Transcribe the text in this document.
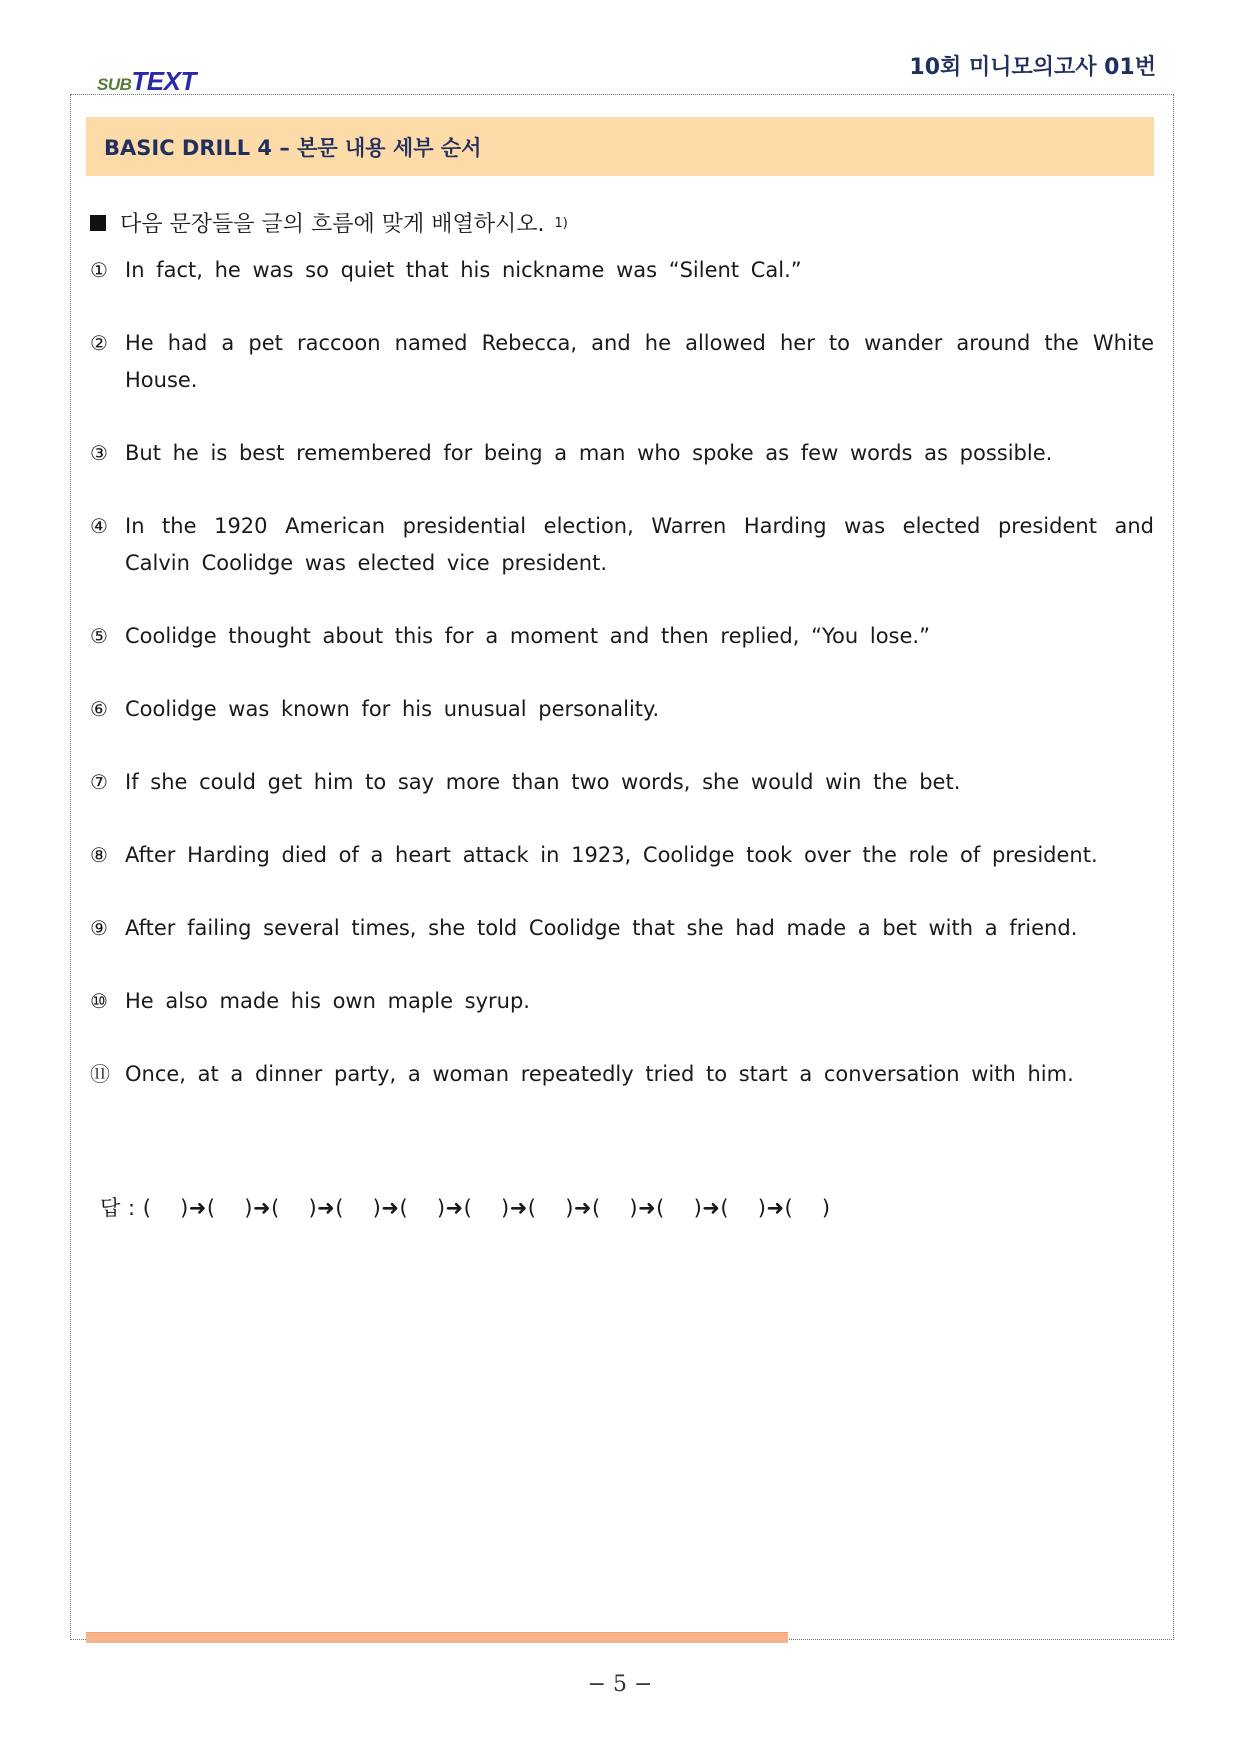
SUBTEXT	10회 미니모의고사 01번
BASIC DRILL 4 – 본문 내용 세부 순서
다음 문장들을 글의 흐름에 맞게 배열하시오. $^{1)}$
① In fact, he was so quiet that his nickname was “Silent Cal.”
② He had a pet raccoon named Rebecca, and he allowed her to wander around the White House.
③ But he is best remembered for being a man who spoke as few words as possible.
④ In the 1920 American presidential election, Warren Harding was elected president and Calvin Coolidge was elected vice president.
⑤ Coolidge thought about this for a moment and then replied, “You lose.”
⑥ Coolidge was known for his unusual personality.
⑦ If she could get him to say more than two words, she would win the bet.
⑧ After Harding died of a heart attack in 1923, Coolidge took over the role of president.
⑨ After failing several times, she told Coolidge that she had made a bet with a friend.
⑩ He also made his own maple syrup.
⑪ Once, at a dinner party, a woman repeatedly tried to start a conversation with him.
답 : (    )➜(    )➜(    )➜(    )➜(    )➜(    )➜(    )➜(    )➜(    )➜(    )➜(    )
− 5 −
